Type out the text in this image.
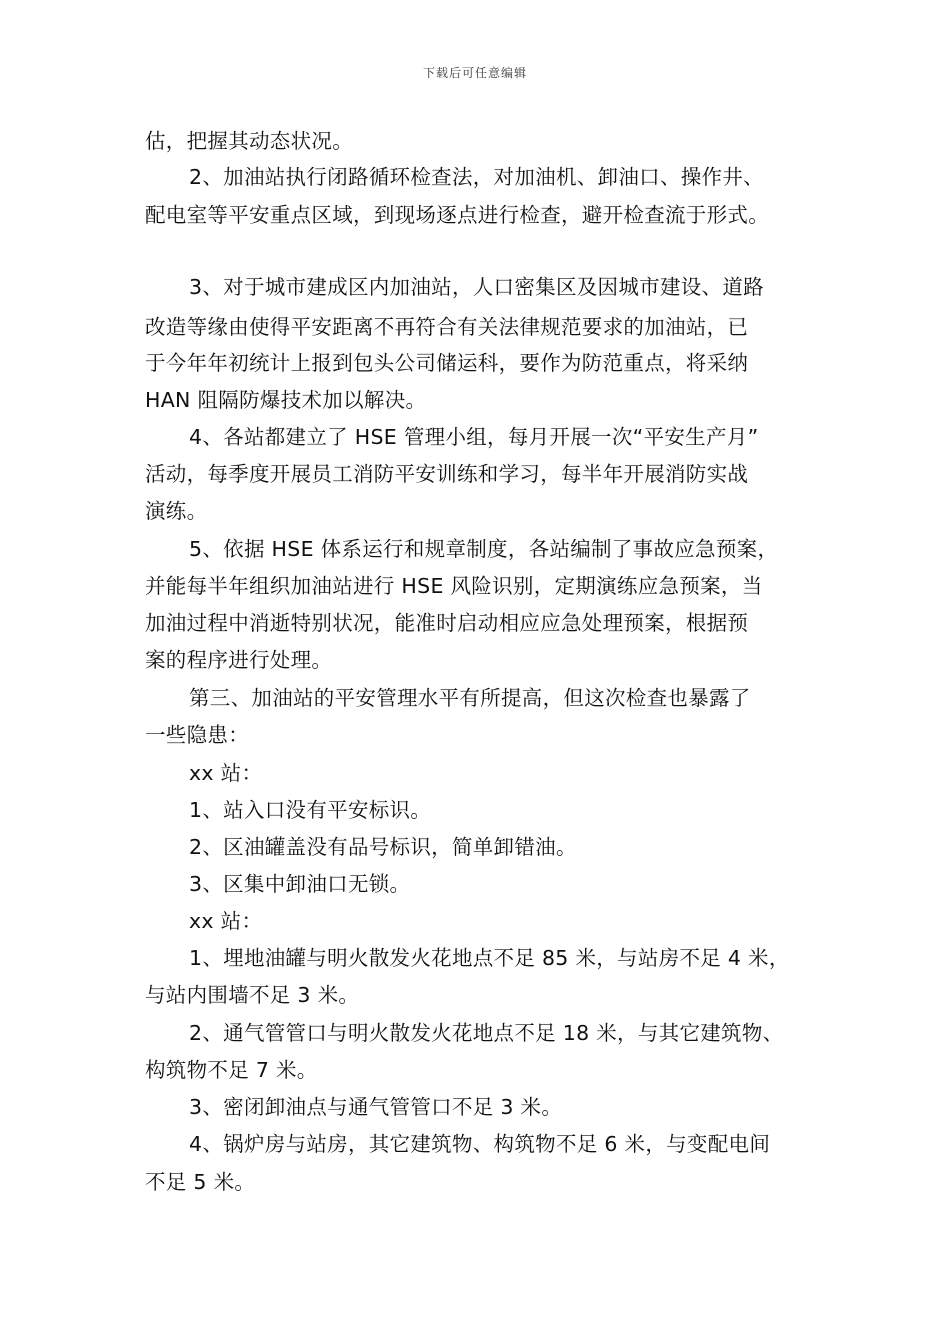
下载后可任意编辑
估，把握其动态状况。
2、加油站执行闭路循环检查法，对加油机、卸油口、操作井、
配电室等平安重点区域，到现场逐点进行检查，避开检查流于形式。
3、对于城市建成区内加油站，人口密集区及因城市建设、道路
改造等缘由使得平安距离不再符合有关法律规范要求的加油站，已
于今年年初统计上报到包头公司储运科，要作为防范重点，将采纳
HAN 阻隔防爆技术加以解决。
4、各站都建立了 HSE 管理小组，每月开展一次“平安生产月”
活动，每季度开展员工消防平安训练和学习，每半年开展消防实战
演练。
5、依据 HSE 体系运行和规章制度，各站编制了事故应急预案，
并能每半年组织加油站进行 HSE 风险识别，定期演练应急预案，当
加油过程中消逝特别状况，能准时启动相应应急处理预案，根据预
案的程序进行处理。
第三、加油站的平安管理水平有所提高，但这次检查也暴露了
一些隐患：
xx 站：
1、站入口没有平安标识。
2、区油罐盖没有品号标识，简单卸错油。
3、区集中卸油口无锁。
xx 站：
1、埋地油罐与明火散发火花地点不足 85 米，与站房不足 4 米，
与站内围墙不足 3 米。
2、通气管管口与明火散发火花地点不足 18 米，与其它建筑物、
构筑物不足 7 米。
3、密闭卸油点与通气管管口不足 3 米。
4、锅炉房与站房，其它建筑物、构筑物不足 6 米，与变配电间
不足 5 米。
